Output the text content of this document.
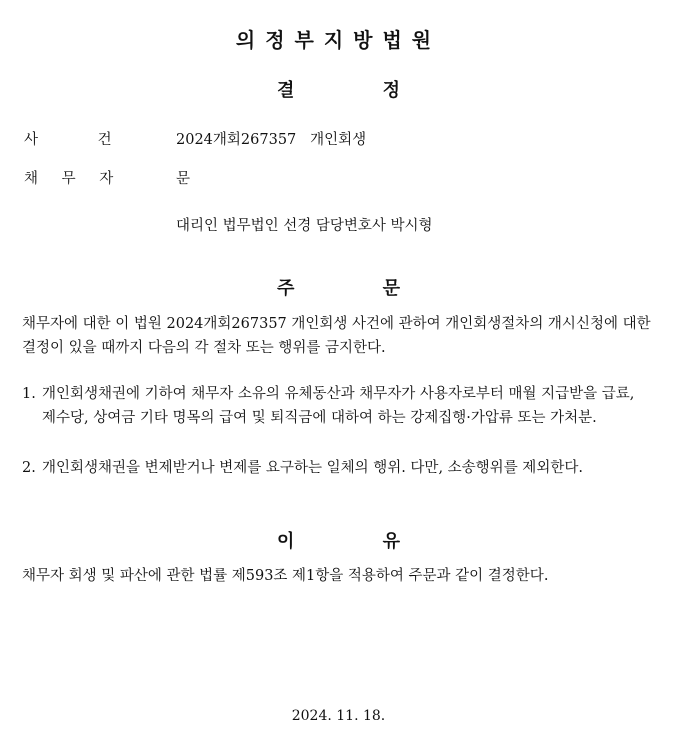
의정부지방법원
결 정
사 건	2024개회267357 개인회생
채 무 자	문
대리인 법무법인 선경 담당변호사 박시형
주 문
채무자에 대한 이 법원 2024개회267357 개인회생 사건에 관하여 개인회생절차의 개시신청에 대한 결정이 있을 때까지 다음의 각 절차 또는 행위를 금지한다.
1. 개인회생채권에 기하여 채무자 소유의 유체동산과 채무자가 사용자로부터 매월 지급받을 급료, 제수당, 상여금 기타 명목의 급여 및 퇴직금에 대하여 하는 강제집행·가압류 또는 가처분.
2. 개인회생채권을 변제받거나 변제를 요구하는 일체의 행위. 다만, 소송행위를 제외한다.
이 유
채무자 회생 및 파산에 관한 법률 제593조 제1항을 적용하여 주문과 같이 결정한다.
2024. 11. 18.
